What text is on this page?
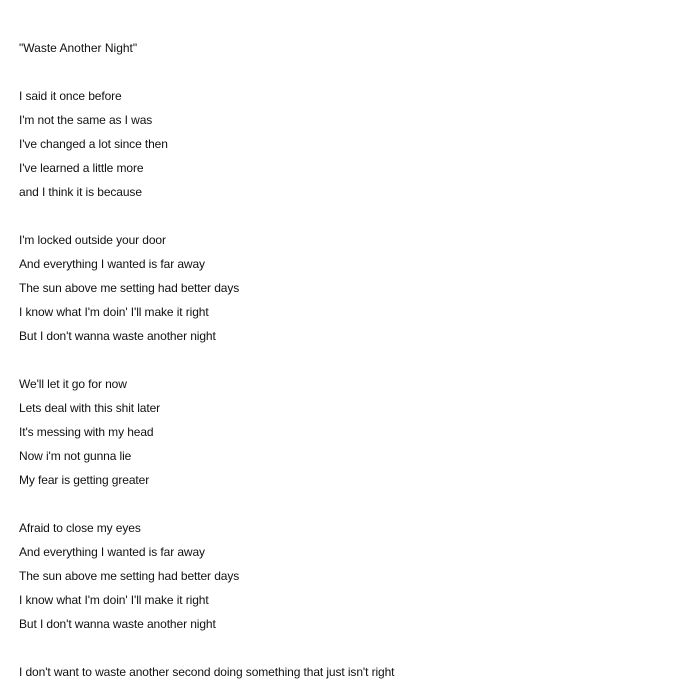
"Waste Another Night"
I said it once before
I'm not the same as I was
I've changed a lot since then
I've learned a little more
and I think it is because
I'm locked outside your door
And everything I wanted is far away
The sun above me setting had better days
I know what I'm doin' I'll make it right
But I don't wanna waste another night
We'll let it go for now
Lets deal with this shit later
It's messing with my head
Now i'm not gunna lie
My fear is getting greater
Afraid to close my eyes
And everything I wanted is far away
The sun above me setting had better days
I know what I'm doin' I'll make it right
But I don't wanna waste another night
I don't want to waste another second doing something that just isn't right
